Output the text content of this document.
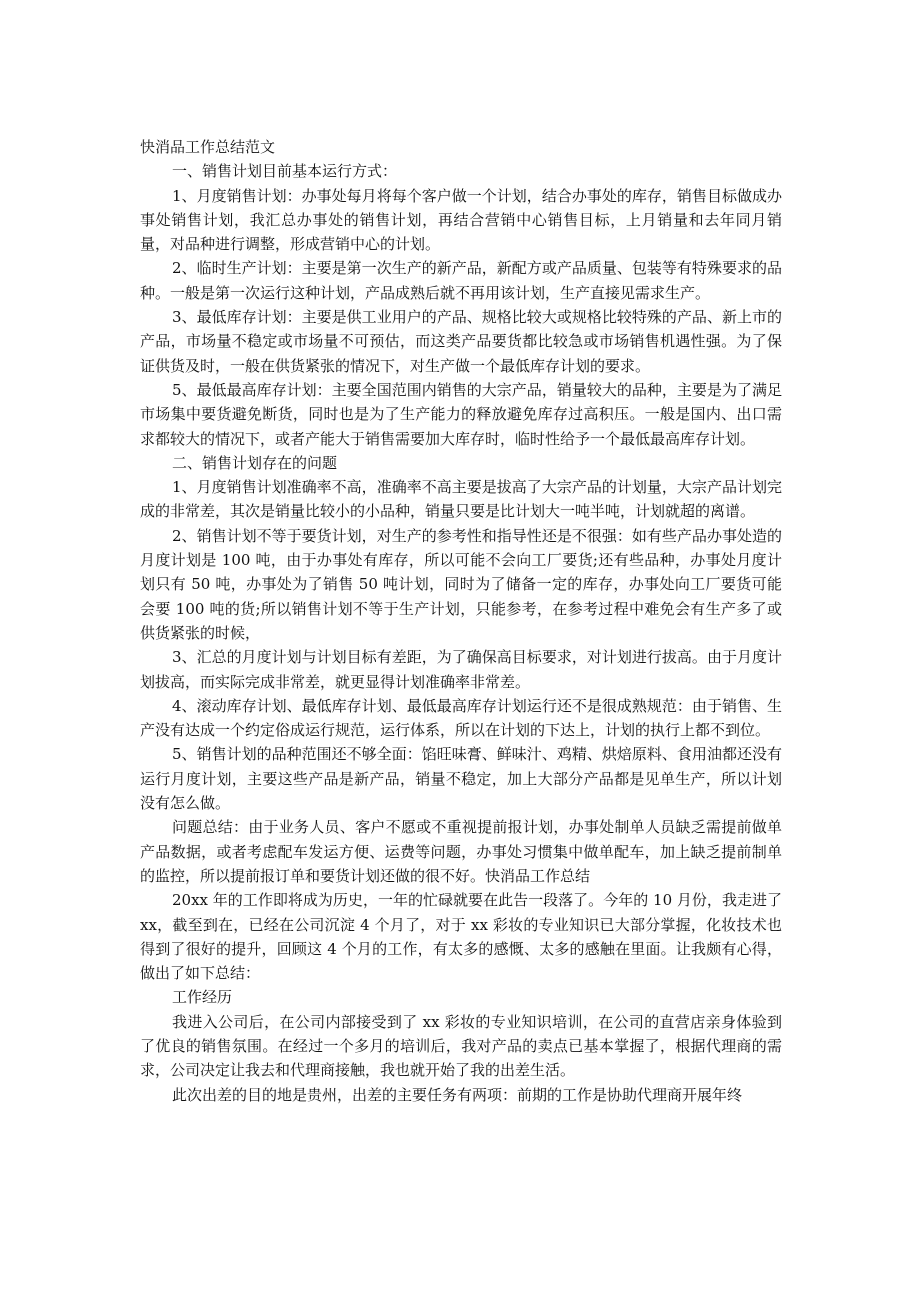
快消品工作总结范文

一、销售计划目前基本运行方式：

1、月度销售计划：办事处每月将每个客户做一个计划，结合办事处的库存，销售目标做成办事处销售计划，我汇总办事处的销售计划，再结合营销中心销售目标，上月销量和去年同月销量，对品种进行调整，形成营销中心的计划。

2、临时生产计划：主要是第一次生产的新产品，新配方或产品质量、包装等有特殊要求的品种。一般是第一次运行这种计划，产品成熟后就不再用该计划，生产直接见需求生产。

3、最低库存计划：主要是供工业用户的产品、规格比较大或规格比较特殊的产品、新上市的产品，市场量不稳定或市场量不可预估，而这类产品要货都比较急或市场销售机遇性强。为了保证供货及时，一般在供货紧张的情况下，对生产做一个最低库存计划的要求。

5、最低最高库存计划：主要全国范围内销售的大宗产品，销量较大的品种，主要是为了满足市场集中要货避免断货，同时也是为了生产能力的释放避免库存过高积压。一般是国内、出口需求都较大的情况下，或者产能大于销售需要加大库存时，临时性给予一个最低最高库存计划。

二、销售计划存在的问题

1、月度销售计划准确率不高，准确率不高主要是拔高了大宗产品的计划量，大宗产品计划完成的非常差，其次是销量比较小的小品种，销量只要是比计划大一吨半吨，计划就超的离谱。

2、销售计划不等于要货计划，对生产的参考性和指导性还是不很强：如有些产品办事处造的月度计划是 100 吨，由于办事处有库存，所以可能不会向工厂要货;还有些品种，办事处月度计划只有 50 吨，办事处为了销售 50 吨计划，同时为了储备一定的库存，办事处向工厂要货可能会要 100 吨的货;所以销售计划不等于生产计划，只能参考，在参考过程中难免会有生产多了或供货紧张的时候，

3、汇总的月度计划与计划目标有差距，为了确保高目标要求，对计划进行拔高。由于月度计划拔高，而实际完成非常差，就更显得计划准确率非常差。

4、滚动库存计划、最低库存计划、最低最高库存计划运行还不是很成熟规范：由于销售、生产没有达成一个约定俗成运行规范，运行体系，所以在计划的下达上，计划的执行上都不到位。

5、销售计划的品种范围还不够全面：馅旺味膏、鲜味汁、鸡精、烘焙原料、食用油都还没有运行月度计划，主要这些产品是新产品，销量不稳定，加上大部分产品都是见单生产，所以计划没有怎么做。

问题总结：由于业务人员、客户不愿或不重视提前报计划，办事处制单人员缺乏需提前做单产品数据，或者考虑配车发运方便、运费等问题，办事处习惯集中做单配车，加上缺乏提前制单的监控，所以提前报订单和要货计划还做的很不好。快消品工作总结

20xx 年的工作即将成为历史，一年的忙碌就要在此告一段落了。今年的 10 月份，我走进了 xx，截至到在，已经在公司沉淀 4 个月了，对于 xx 彩妆的专业知识已大部分掌握，化妆技术也得到了很好的提升，回顾这 4 个月的工作，有太多的感慨、太多的感触在里面。让我颇有心得，做出了如下总结：

工作经历

我进入公司后，在公司内部接受到了 xx 彩妆的专业知识培训，在公司的直营店亲身体验到了优良的销售氛围。在经过一个多月的培训后，我对产品的卖点已基本掌握了，根据代理商的需求，公司决定让我去和代理商接触，我也就开始了我的出差生活。

此次出差的目的地是贵州，出差的主要任务有两项：前期的工作是协助代理商开展年终
